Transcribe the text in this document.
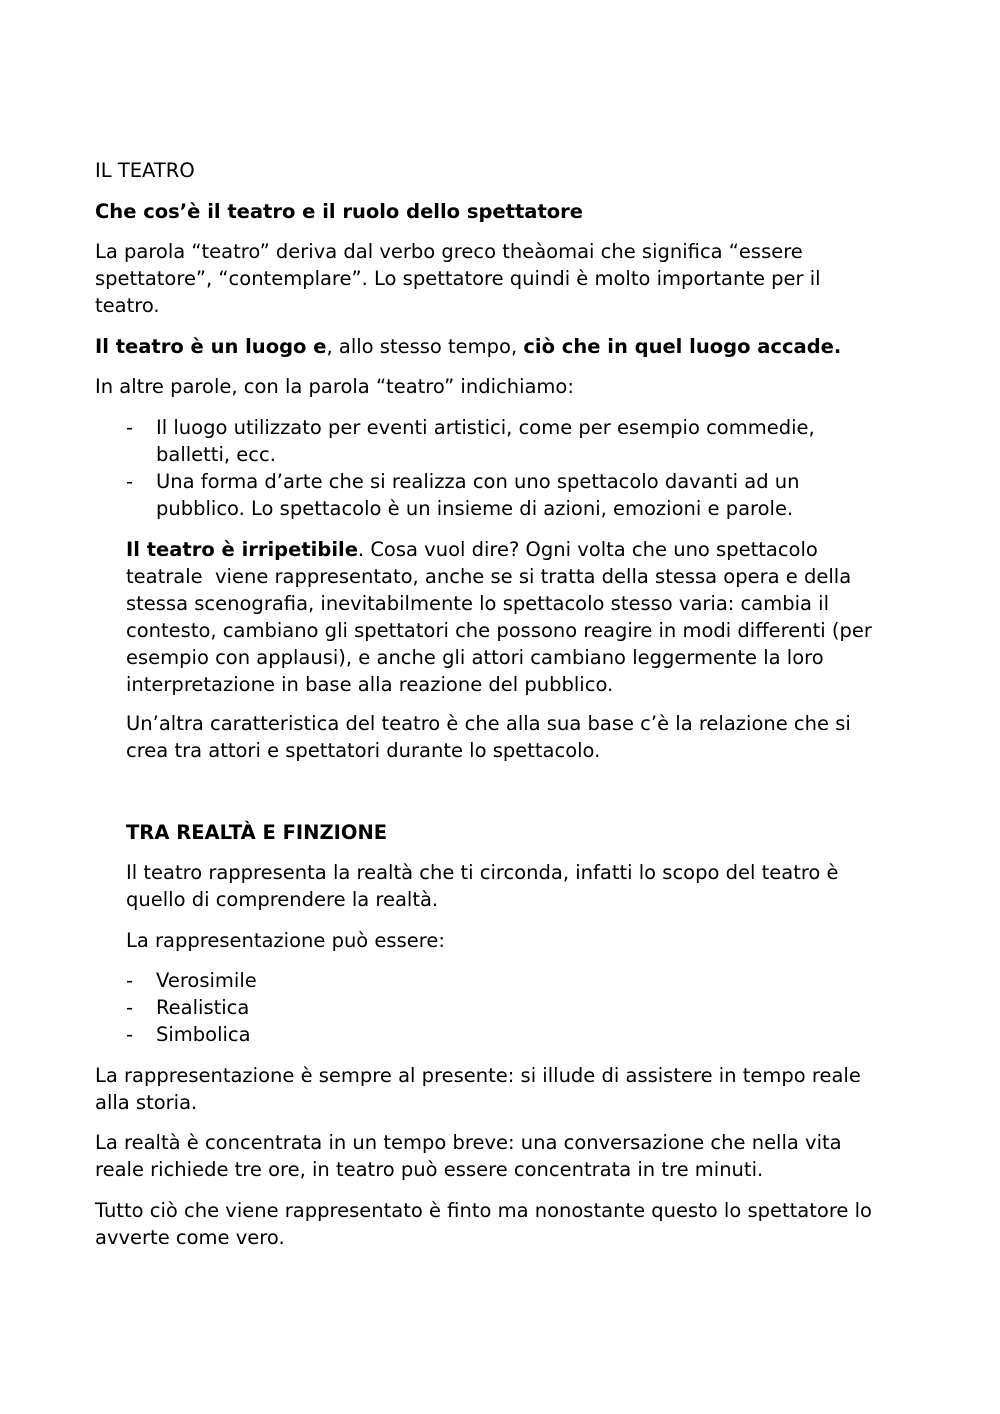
IL TEATRO
Che cos’è il teatro e il ruolo dello spettatore
La parola “teatro” deriva dal verbo greco theàomai che significa “essere
spettatore”, “contemplare”. Lo spettatore quindi è molto importante per il
teatro.
Il teatro è un luogo e, allo stesso tempo, ciò che in quel luogo accade.
In altre parole, con la parola “teatro” indichiamo:
- Il luogo utilizzato per eventi artistici, come per esempio commedie,
balletti, ecc.
- Una forma d’arte che si realizza con uno spettacolo davanti ad un
pubblico. Lo spettacolo è un insieme di azioni, emozioni e parole.
Il teatro è irripetibile. Cosa vuol dire? Ogni volta che uno spettacolo
teatrale  viene rappresentato, anche se si tratta della stessa opera e della
stessa scenografia, inevitabilmente lo spettacolo stesso varia: cambia il
contesto, cambiano gli spettatori che possono reagire in modi differenti (per
esempio con applausi), e anche gli attori cambiano leggermente la loro
interpretazione in base alla reazione del pubblico.
Un’altra caratteristica del teatro è che alla sua base c’è la relazione che si
crea tra attori e spettatori durante lo spettacolo.
TRA REALTÀ E FINZIONE
Il teatro rappresenta la realtà che ti circonda, infatti lo scopo del teatro è
quello di comprendere la realtà.
La rappresentazione può essere:
- Verosimile
- Realistica
- Simbolica
La rappresentazione è sempre al presente: si illude di assistere in tempo reale
alla storia.
La realtà è concentrata in un tempo breve: una conversazione che nella vita
reale richiede tre ore, in teatro può essere concentrata in tre minuti.
Tutto ciò che viene rappresentato è finto ma nonostante questo lo spettatore lo
avverte come vero.
